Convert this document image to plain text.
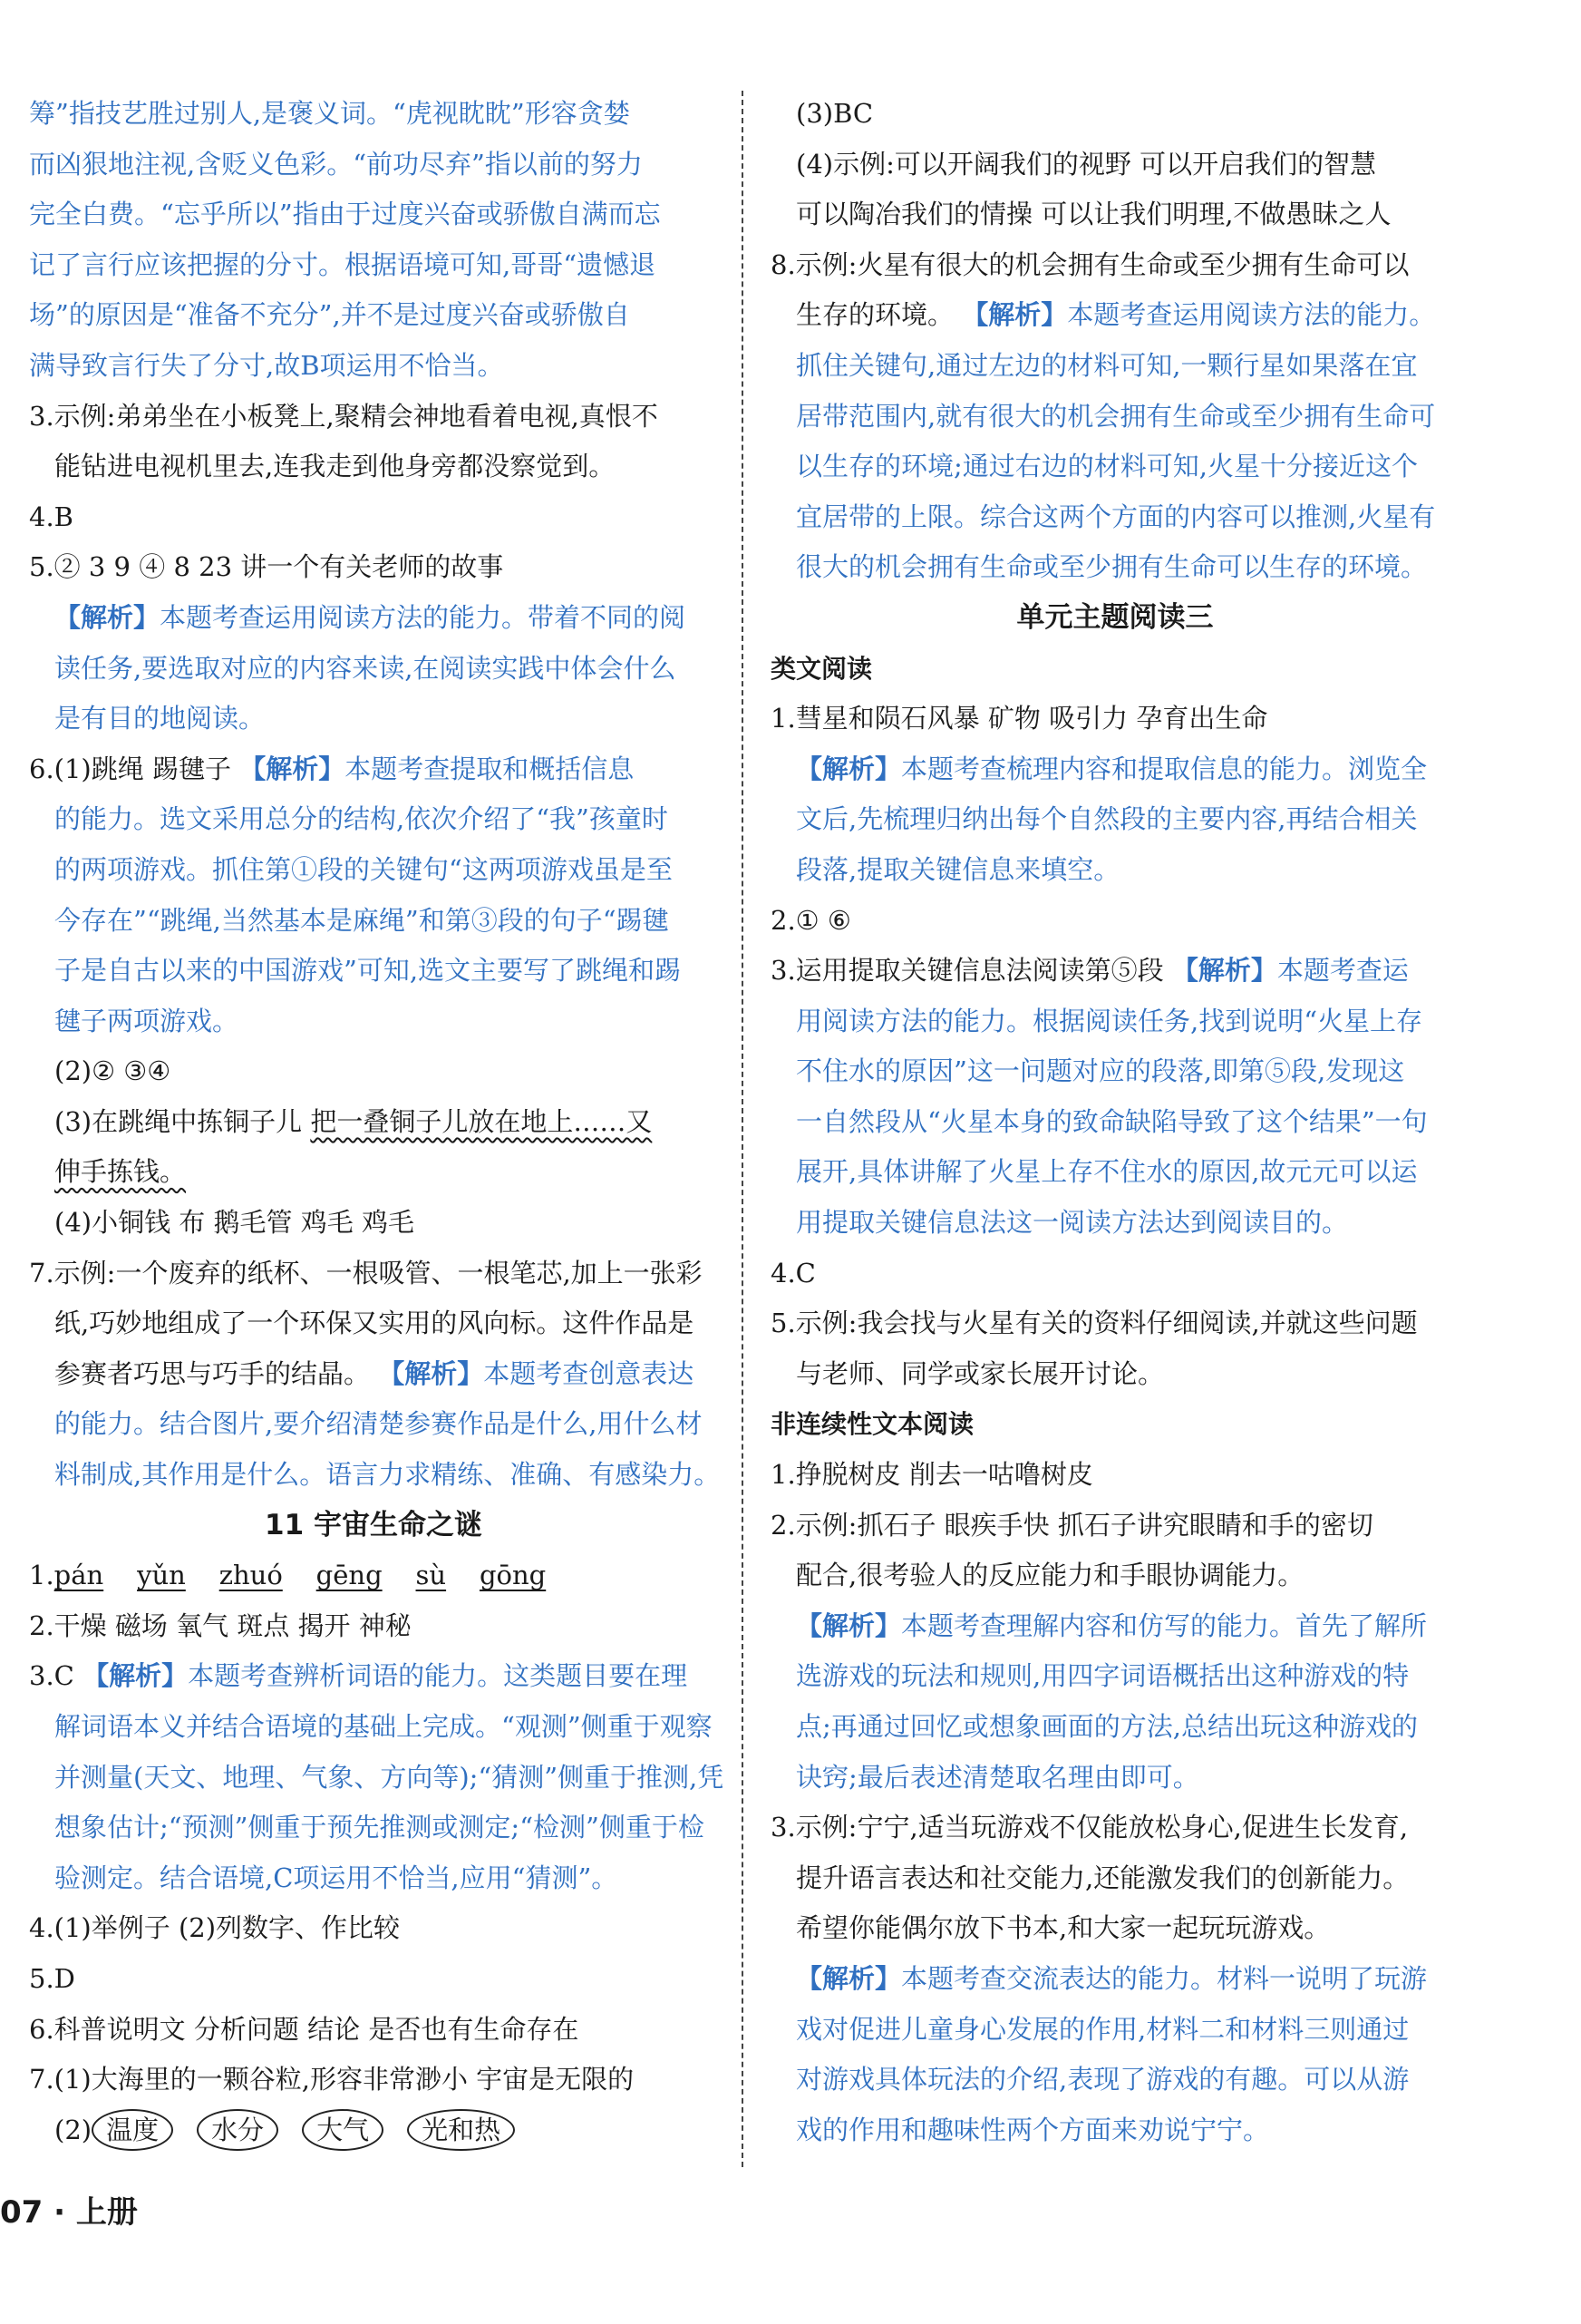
筹”指技艺胜过别人,是褒义词。“虎视眈眈”形容贪婪
而凶狠地注视,含贬义色彩。“前功尽弃”指以前的努力
完全白费。“忘乎所以”指由于过度兴奋或骄傲自满而忘
记了言行应该把握的分寸。根据语境可知,哥哥“遗憾退
场”的原因是“准备不充分”,并不是过度兴奋或骄傲自
满导致言行失了分寸,故B项运用不恰当。
3.示例:弟弟坐在小板凳上,聚精会神地看着电视,真恨不
能钻进电视机里去,连我走到他身旁都没察觉到。
4.B
5.② 3 9 ④ 8 23 讲一个有关老师的故事
【解析】本题考查运用阅读方法的能力。带着不同的阅
读任务,要选取对应的内容来读,在阅读实践中体会什么
是有目的地阅读。
6.(1)跳绳 踢毽子 【解析】本题考查提取和概括信息
的能力。选文采用总分的结构,依次介绍了“我”孩童时
的两项游戏。抓住第①段的关键句“这两项游戏虽是至
今存在”“跳绳,当然基本是麻绳”和第③段的句子“踢毽
子是自古以来的中国游戏”可知,选文主要写了跳绳和踢
毽子两项游戏。
(2)② ③④
(3)在跳绳中拣铜子儿 把一叠铜子儿放在地上……又
伸手拣钱。
(4)小铜钱 布 鹅毛管 鸡毛 鸡毛
7.示例:一个废弃的纸杯、一根吸管、一根笔芯,加上一张彩
纸,巧妙地组成了一个环保又实用的风向标。这件作品是
参赛者巧思与巧手的结晶。 【解析】本题考查创意表达
的能力。结合图片,要介绍清楚参赛作品是什么,用什么材
料制成,其作用是什么。语言力求精练、准确、有感染力。
11 宇宙生命之谜
1.pán yǔn zhuó gēng sù gōng
2.干燥 磁场 氧气 斑点 揭开 神秘
3.C 【解析】本题考查辨析词语的能力。这类题目要在理
解词语本义并结合语境的基础上完成。“观测”侧重于观察
并测量(天文、地理、气象、方向等);“猜测”侧重于推测,凭
想象估计;“预测”侧重于预先推测或测定;“检测”侧重于检
验测定。结合语境,C项运用不恰当,应用“猜测”。
4.(1)举例子 (2)列数字、作比较
5.D
6.科普说明文 分析问题 结论 是否也有生命存在
7.(1)大海里的一颗谷粒,形容非常渺小 宇宙是无限的
(2) 温度 水分 大气 光和热
(3)BC
(4)示例:可以开阔我们的视野 可以开启我们的智慧
可以陶冶我们的情操 可以让我们明理,不做愚昧之人
8.示例:火星有很大的机会拥有生命或至少拥有生命可以
生存的环境。 【解析】本题考查运用阅读方法的能力。
抓住关键句,通过左边的材料可知,一颗行星如果落在宜
居带范围内,就有很大的机会拥有生命或至少拥有生命可
以生存的环境;通过右边的材料可知,火星十分接近这个
宜居带的上限。综合这两个方面的内容可以推测,火星有
很大的机会拥有生命或至少拥有生命可以生存的环境。
单元主题阅读三
类文阅读
1.彗星和陨石风暴 矿物 吸引力 孕育出生命
【解析】本题考查梳理内容和提取信息的能力。浏览全
文后,先梳理归纳出每个自然段的主要内容,再结合相关
段落,提取关键信息来填空。
2.① ⑥
3.运用提取关键信息法阅读第⑤段 【解析】本题考查运
用阅读方法的能力。根据阅读任务,找到说明“火星上存
不住水的原因”这一问题对应的段落,即第⑤段,发现这
一自然段从“火星本身的致命缺陷导致了这个结果”一句
展开,具体讲解了火星上存不住水的原因,故元元可以运
用提取关键信息法这一阅读方法达到阅读目的。
4.C
5.示例:我会找与火星有关的资料仔细阅读,并就这些问题
与老师、同学或家长展开讨论。
非连续性文本阅读
1.挣脱树皮 削去一咕噜树皮
2.示例:抓石子 眼疾手快 抓石子讲究眼睛和手的密切
配合,很考验人的反应能力和手眼协调能力。
【解析】本题考查理解内容和仿写的能力。首先了解所
选游戏的玩法和规则,用四字词语概括出这种游戏的特
点;再通过回忆或想象画面的方法,总结出玩这种游戏的
诀窍;最后表述清楚取名理由即可。
3.示例:宁宁,适当玩游戏不仅能放松身心,促进生长发育,
提升语言表达和社交能力,还能激发我们的创新能力。
希望你能偶尔放下书本,和大家一起玩玩游戏。
【解析】本题考查交流表达的能力。材料一说明了玩游
戏对促进儿童身心发展的作用,材料二和材料三则通过
对游戏具体玩法的介绍,表现了游戏的有趣。可以从游
戏的作用和趣味性两个方面来劝说宁宁。
07 · 上册
